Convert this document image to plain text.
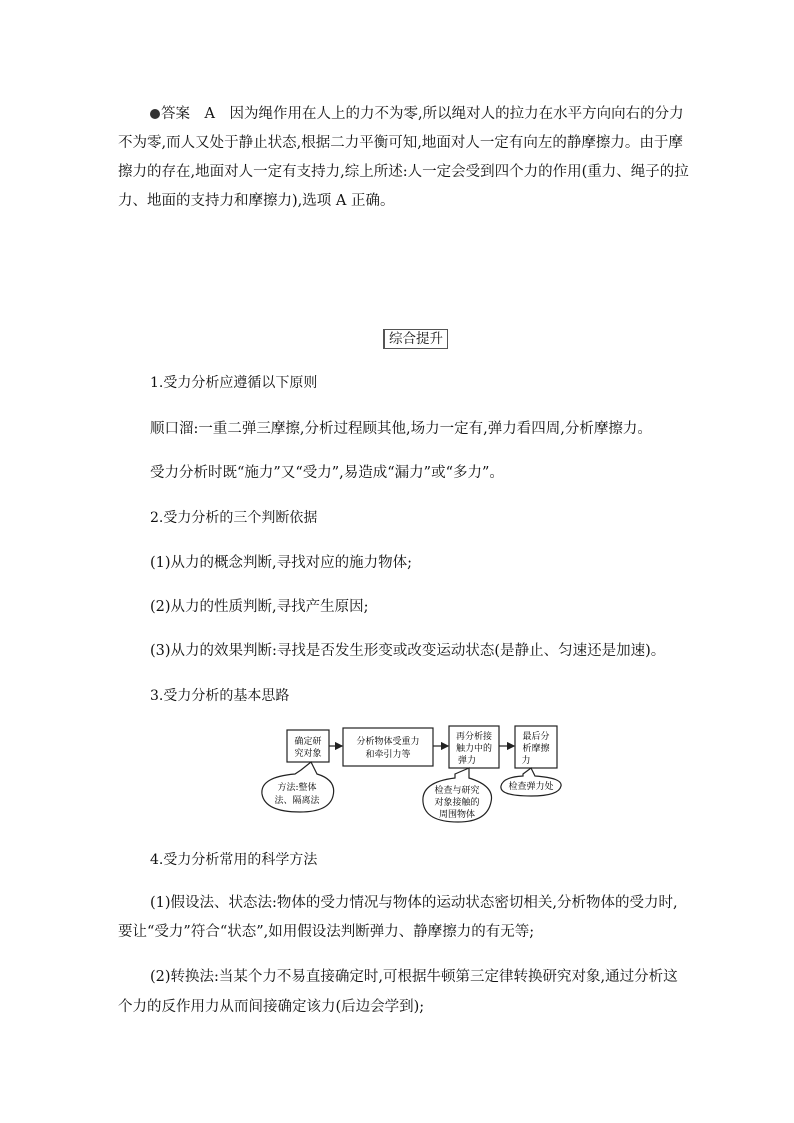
答案　A　因为绳作用在人上的力不为零,所以绳对人的拉力在水平方向向右的分力
不为零,而人又处于静止状态,根据二力平衡可知,地面对人一定有向左的静摩擦力。由于摩
擦力的存在,地面对人一定有支持力,综上所述:人一定会受到四个力的作用(重力、绳子的拉
力、地面的支持力和摩擦力),选项 A 正确。
综合提升
1.受力分析应遵循以下原则
顺口溜:一重二弹三摩擦,分析过程顾其他,场力一定有,弹力看四周,分析摩擦力。
受力分析时既“施力”又“受力”,易造成“漏力”或“多力”。
2.受力分析的三个判断依据
(1)从力的概念判断,寻找对应的施力物体;
(2)从力的性质判断,寻找产生原因;
(3)从力的效果判断:寻找是否发生形变或改变运动状态(是静止、匀速还是加速)。
3.受力分析的基本思路
确定研
究对象
分析物体受重力
和牵引力等
再分析接
触力中的
弹力
最后分
析摩擦
力
方法:整体
法、隔离法
检查与研究
对象接触的
周围物体
检查弹力处
4.受力分析常用的科学方法
(1)假设法、状态法:物体的受力情况与物体的运动状态密切相关,分析物体的受力时,
要让“受力”符合“状态”,如用假设法判断弹力、静摩擦力的有无等;
(2)转换法:当某个力不易直接确定时,可根据牛顿第三定律转换研究对象,通过分析这
个力的反作用力从而间接确定该力(后边会学到);
